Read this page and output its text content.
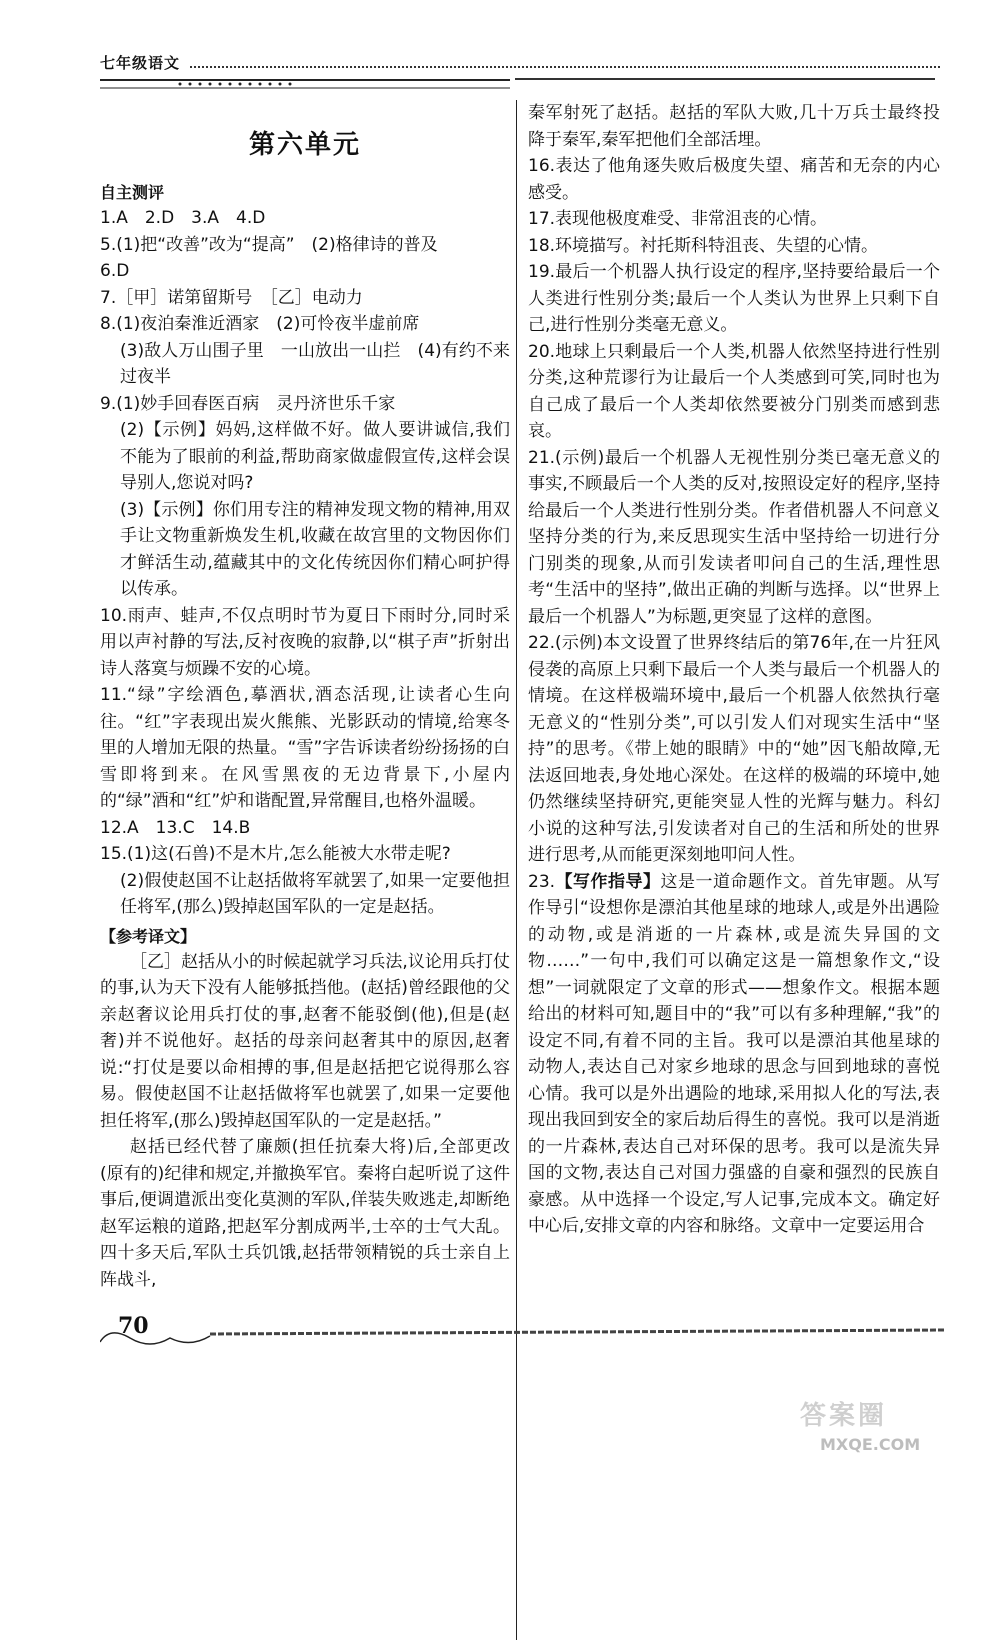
七年级语文
第六单元
自主测评

1.A　2.D　3.A　4.D

5.(1)把“改善”改为“提高”　(2)格律诗的普及

6.D

7.［甲］诺第留斯号　［乙］电动力

8.(1)夜泊秦淮近酒家　(2)可怜夜半虚前席

(3)敌人万山围子里　一山放出一山拦　(4)有约不来过夜半

9.(1)妙手回春医百病　灵丹济世乐千家

(2)【示例】妈妈,这样做不好。做人要讲诚信,我们不能为了眼前的利益,帮助商家做虚假宣传,这样会误导别人,您说对吗?

(3)【示例】你们用专注的精神发现文物的精神,用双手让文物重新焕发生机,收藏在故宫里的文物因你们才鲜活生动,蕴藏其中的文化传统因你们精心呵护得以传承。

10.雨声、蛙声,不仅点明时节为夏日下雨时分,同时采用以声衬静的写法,反衬夜晚的寂静,以“棋子声”折射出诗人落寞与烦躁不安的心境。

11.“绿”字绘酒色,摹酒状,酒态活现,让读者心生向往。“红”字表现出炭火熊熊、光影跃动的情境,给寒冬里的人增加无限的热量。“雪”字告诉读者纷纷扬扬的白雪即将到来。在风雪黑夜的无边背景下,小屋内的“绿”酒和“红”炉和谐配置,异常醒目,也格外温暖。

12.A　13.C　14.B

15.(1)这(石兽)不是木片,怎么能被大水带走呢?

(2)假使赵国不让赵括做将军就罢了,如果一定要他担任将军,(那么)毁掉赵国军队的一定是赵括。

【参考译文】

［乙］赵括从小的时候起就学习兵法,议论用兵打仗的事,认为天下没有人能够抵挡他。(赵括)曾经跟他的父亲赵奢议论用兵打仗的事,赵奢不能驳倒(他),但是(赵奢)并不说他好。赵括的母亲问赵奢其中的原因,赵奢说:“打仗是要以命相搏的事,但是赵括把它说得那么容易。假使赵国不让赵括做将军也就罢了,如果一定要他担任将军,(那么)毁掉赵国军队的一定是赵括。”

赵括已经代替了廉颇(担任抗秦大将)后,全部更改(原有的)纪律和规定,并撤换军官。秦将白起听说了这件事后,便调遣派出变化莫测的军队,佯装失败逃走,却断绝赵军运粮的道路,把赵军分割成两半,士卒的士气大乱。四十多天后,军队士兵饥饿,赵括带领精锐的兵士亲自上阵战斗,

秦军射死了赵括。赵括的军队大败,几十万兵士最终投降于秦军,秦军把他们全部活埋。

16.表达了他角逐失败后极度失望、痛苦和无奈的内心感受。

17.表现他极度难受、非常沮丧的心情。

18.环境描写。衬托斯科特沮丧、失望的心情。

19.最后一个机器人执行设定的程序,坚持要给最后一个人类进行性别分类;最后一个人类认为世界上只剩下自己,进行性别分类毫无意义。

20.地球上只剩最后一个人类,机器人依然坚持进行性别分类,这种荒谬行为让最后一个人类感到可笑,同时也为自己成了最后一个人类却依然要被分门别类而感到悲哀。

21.(示例)最后一个机器人无视性别分类已毫无意义的事实,不顾最后一个人类的反对,按照设定好的程序,坚持给最后一个人类进行性别分类。作者借机器人不问意义坚持分类的行为,来反思现实生活中坚持给一切进行分门别类的现象,从而引发读者叩问自己的生活,理性思考“生活中的坚持”,做出正确的判断与选择。以“世界上最后一个机器人”为标题,更突显了这样的意图。

22.(示例)本文设置了世界终结后的第76年,在一片狂风侵袭的高原上只剩下最后一个人类与最后一个机器人的情境。在这样极端环境中,最后一个机器人依然执行毫无意义的“性别分类”,可以引发人们对现实生活中“坚持”的思考。《带上她的眼睛》中的“她”因飞船故障,无法返回地表,身处地心深处。在这样的极端的环境中,她仍然继续坚持研究,更能突显人性的光辉与魅力。科幻小说的这种写法,引发读者对自己的生活和所处的世界进行思考,从而能更深刻地叩问人性。

23.【写作指导】这是一道命题作文。首先审题。从写作导引“设想你是漂泊其他星球的地球人,或是外出遇险的动物,或是消逝的一片森林,或是流失异国的文物……”一句中,我们可以确定这是一篇想象作文,“设想”一词就限定了文章的形式——想象作文。根据本题给出的材料可知,题目中的“我”可以有多种理解,“我”的设定不同,有着不同的主旨。我可以是漂泊其他星球的动物人,表达自己对家乡地球的思念与回到地球的喜悦心情。我可以是外出遇险的地球,采用拟人化的写法,表现出我回到安全的家后劫后得生的喜悦。我可以是消逝的一片森林,表达自己对环保的思考。我可以是流失异国的文物,表达自己对国力强盛的自豪和强烈的民族自豪感。从中选择一个设定,写人记事,完成本文。确定好中心后,安排文章的内容和脉络。文章中一定要运用合

70
答案圈
MXQE.COM
